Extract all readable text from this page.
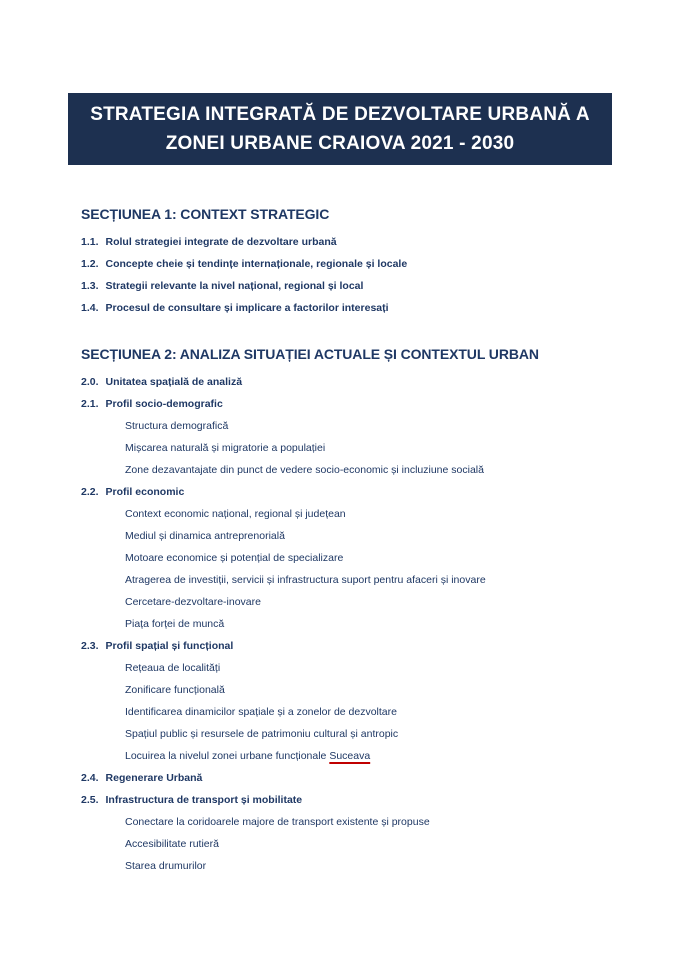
STRATEGIA INTEGRATĂ DE DEZVOLTARE URBANĂ A
ZONEI URBANE CRAIOVA 2021 - 2030
SECȚIUNEA 1: CONTEXT STRATEGIC
1.1. Rolul strategiei integrate de dezvoltare urbană
1.2. Concepte cheie și tendințe internaționale, regionale și locale
1.3. Strategii relevante la nivel național, regional și local
1.4. Procesul de consultare și implicare a factorilor interesați
SECȚIUNEA 2: ANALIZA SITUAȚIEI ACTUALE ȘI CONTEXTUL URBAN
2.0. Unitatea spațială de analiză
2.1. Profil socio-demografic
Structura demografică
Mișcarea naturală și migratorie a populației
Zone dezavantajate din punct de vedere socio-economic și incluziune socială
2.2. Profil economic
Context economic național, regional și județean
Mediul și dinamica antreprenorială
Motoare economice și potențial de specializare
Atragerea de investiții, servicii și infrastructura suport pentru afaceri și inovare
Cercetare-dezvoltare-inovare
Piața forței de muncă
2.3. Profil spațial și funcțional
Rețeaua de localități
Zonificare funcțională
Identificarea dinamicilor spațiale și a zonelor de dezvoltare
Spațiul public și resursele de patrimoniu cultural și antropic
Locuirea la nivelul zonei urbane funcționale Suceava
2.4. Regenerare Urbană
2.5. Infrastructura de transport și mobilitate
Conectare la coridoarele majore de transport existente și propuse
Accesibilitate rutieră
Starea drumurilor
